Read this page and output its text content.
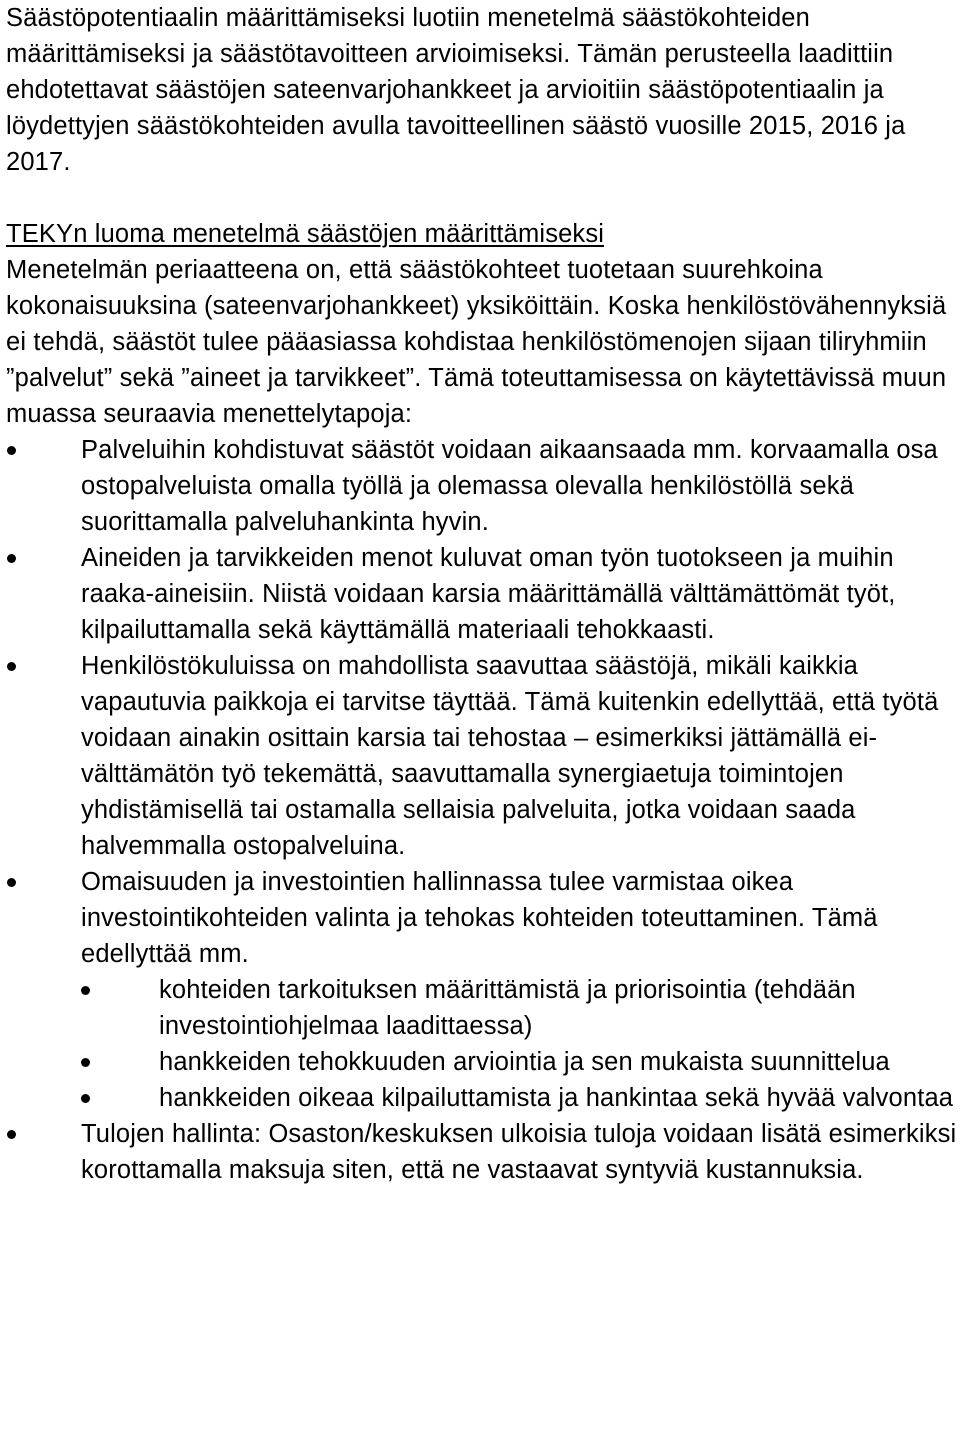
Säästöpotentiaalin määrittämiseksi luotiin menetelmä säästökohteiden määrittämiseksi ja säästötavoitteen arvioimiseksi. Tämän perusteella laadittiin ehdotettavat säästöjen sateenvarjohankkeet ja arvioitiin säästöpotentiaalin ja löydettyjen säästökohteiden avulla tavoitteellinen säästö vuosille 2015, 2016 ja 2017.

TEKYn luoma menetelmä säästöjen määrittämiseksi

Menetelmän periaatteena on, että säästökohteet tuotetaan suurehkoina kokonaisuuksina (sateenvarjohankkeet) yksiköittäin. Koska henkilöstövähennyksiä ei tehdä, säästöt tulee pääasiassa kohdistaa henkilöstömenojen sijaan tiliryhmiin ”palvelut” sekä ”aineet ja tarvikkeet”. Tämä toteuttamisessa on käytettävissä muun muassa seuraavia menettelytapoja:

Palveluihin kohdistuvat säästöt voidaan aikaansaada mm. korvaamalla osa ostopalveluista omalla työllä ja olemassa olevalla henkilöstöllä sekä suorittamalla palveluhankinta hyvin.
Aineiden ja tarvikkeiden menot kuluvat oman työn tuotokseen ja muihin raaka-aineisiin. Niistä voidaan karsia määrittämällä välttämättömät työt, kilpailuttamalla sekä käyttämällä materiaali tehokkaasti.
Henkilöstökuluissa on mahdollista saavuttaa säästöjä, mikäli kaikkia vapautuvia paikkoja ei tarvitse täyttää. Tämä kuitenkin edellyttää, että työtä voidaan ainakin osittain karsia tai tehostaa – esimerkiksi jättämällä ei-välttämätön työ tekemättä, saavuttamalla synergiaetuja toimintojen yhdistämisellä tai ostamalla sellaisia palveluita, jotka voidaan saada halvemmalla ostopalveluina.
Omaisuuden ja investointien hallinnassa tulee varmistaa oikea investointikohteiden valinta ja tehokas kohteiden toteuttaminen. Tämä edellyttää mm.
kohteiden tarkoituksen määrittämistä ja priorisointia (tehdään investointiohjelmaa laadittaessa)
hankkeiden tehokkuuden arviointia ja sen mukaista suunnittelua
hankkeiden oikeaa kilpailuttamista ja hankintaa sekä hyvää valvontaa
Tulojen hallinta: Osaston/keskuksen ulkoisia tuloja voidaan lisätä esimerkiksi korottamalla maksuja siten, että ne vastaavat syntyviä kustannuksia.
